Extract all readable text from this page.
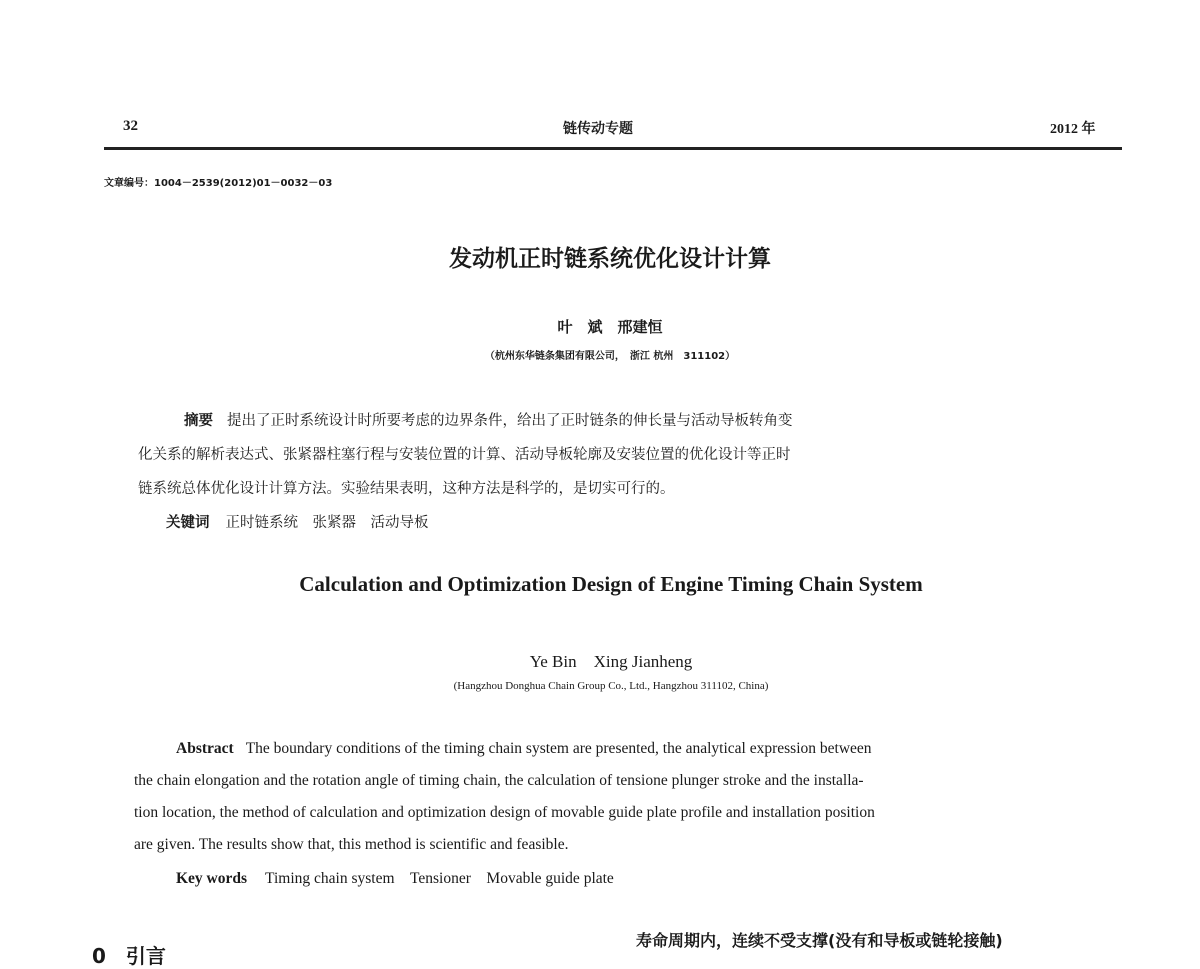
32	链传动专题	2012 年
文章编号：1004－2539(2012)01－0032－03
发动机正时链系统优化设计计算
叶　斌　邢建恒
（杭州东华链条集团有限公司，　浙江 杭州　311102）
摘要 提出了正时系统设计时所要考虑的边界条件，给出了正时链条的伸长量与活动导板转角变
化关系的解析表达式、张紧器柱塞行程与安装位置的计算、活动导板轮廓及安装位置的优化设计等正时
链系统总体优化设计计算方法。实验结果表明，这种方法是科学的，是切实可行的。
关键词 正时链系统　张紧器　活动导板
Calculation and Optimization Design of Engine Timing Chain System
Ye Bin　Xing Jianheng
(Hangzhou Donghua Chain Group Co., Ltd., Hangzhou 311102, China)
Abstract The boundary conditions of the timing chain system are presented, the analytical expression between
the chain elongation and the rotation angle of timing chain, the calculation of tensione plunger stroke and the installa-
tion location, the method of calculation and optimization design of movable guide plate profile and installation position
are given. The results show that, this method is scientific and feasible.
Key words Timing chain system　Tensioner　Movable guide plate
寿命周期内，连续不受支撑(没有和导板或链轮接触)
0　引言
